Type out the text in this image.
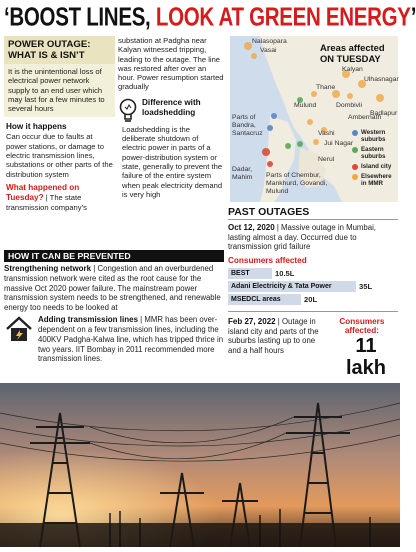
‘BOOST LINES, LOOK AT GREEN ENERGY’
POWER OUTAGE:
WHAT IS & ISN’T
It is the unintentional loss of electrical power network supply to an end user which may last for a few minutes to several hours
How it happens
Can occur due to faults at power stations, or damage to electric transmission lines, substations or other parts of the distribution system
What happened on Tuesday? | The state transmission company’s
substation at Padgha near Kalyan witnessed tripping, leading to the outage. The line was restored after over an hour. Power resumption started gradually
Difference with loadshedding
Loadshedding is the deliberate shutdown of electric power in parts of a power-distribution system or state, generally to prevent the failure of the entire system when peak electricity demand is very high
Areas affected
ON TUESDAY
Nalasopara
Vasai
Kalyan
Ulhasnagar
Dombivli
Ambernath
Badlapur
Thane
Mulund
Parts of Bandra, Santacruz	Vashi
Jui Nagar
Nerul
Dadar, Mahim	Parts of Chembur, Mankhurd, Govandi, Mulund
Western suburbs
Eastern suburbs
Island city
Elsewhere in MMR
HOW IT CAN BE PREVENTED
Strengthening network | Congestion and an overburdened transmission network were cited as the root cause for the massive Oct 2020 power failure. The mainstream power transmission system needs to be strengthened, and renewable energy too needs to be looked at
Adding transmission lines | MMR has been over-dependent on a few transmission lines, including the 400KV Padgha-Kalwa line, which has tripped thrice in two years. IIT Bombay in 2011 recommended more transmission lines.
PAST OUTAGES
Oct 12, 2020 | Massive outage in Mumbai, lasting almost a day. Occurred due to transmission grid failure
Consumers affected
BEST	10.5L
Adani Electricity & Tata Power	35L
MSEDCL areas	20L
Feb 27, 2022 | Outage in island city and parts of the suburbs lasting up to one and a half hours
Consumers affected:
11 lakh
